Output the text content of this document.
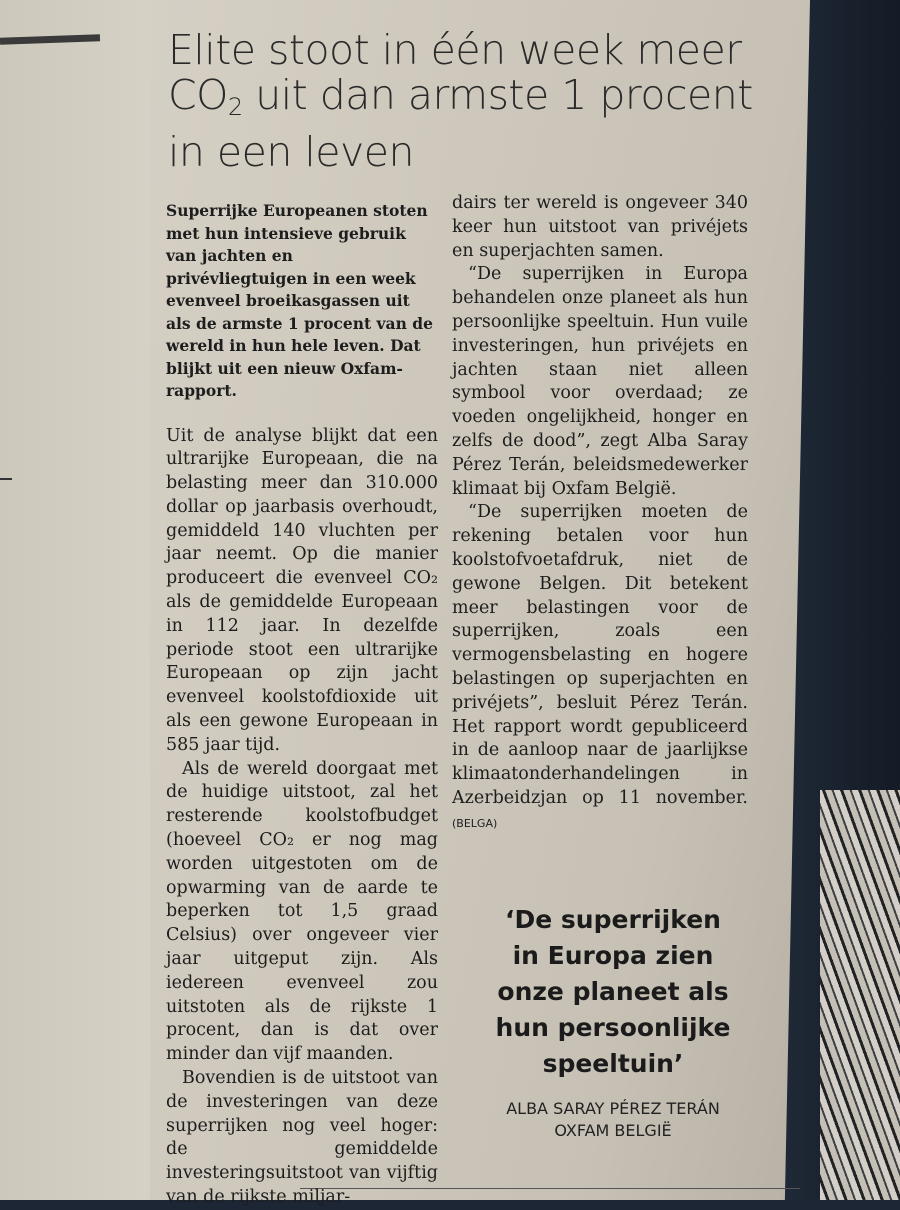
Elite stoot in één week meer $CO_2$ uit dan armste 1 procent in een leven

Superrijke Europeanen stoten met hun intensieve gebruik van jachten en privévliegtuigen in een week evenveel broeikasgassen uit als de armste 1 procent van de wereld in hun hele leven. Dat blijkt uit een nieuw Oxfam-rapport.

Uit de analyse blijkt dat een ultrarijke Europeaan, die na belasting meer dan 310.000 dollar op jaarbasis overhoudt, gemiddeld 140 vluchten per jaar neemt. Op die manier produceert die evenveel CO₂ als de gemiddelde Europeaan in 112 jaar. In dezelfde periode stoot een ultrarijke Europeaan op zijn jacht evenveel koolstofdioxide uit als een gewone Europeaan in 585 jaar tijd.

Als de wereld doorgaat met de huidige uitstoot, zal het resterende koolstofbudget (hoeveel CO₂ er nog mag worden uitgestoten om de opwarming van de aarde te beperken tot 1,5 graad Celsius) over ongeveer vier jaar uitgeput zijn. Als iedereen evenveel zou uitstoten als de rijkste 1 procent, dan is dat over minder dan vijf maanden.

Bovendien is de uitstoot van de investeringen van deze superrijken nog veel hoger: de gemiddelde investeringsuitstoot van vijftig van de rijkste miljar-

dairs ter wereld is ongeveer 340 keer hun uitstoot van privéjets en superjachten samen.

“De superrijken in Europa behandelen onze planeet als hun persoonlijke speeltuin. Hun vuile investeringen, hun privéjets en jachten staan niet alleen symbool voor overdaad; ze voeden ongelijkheid, honger en zelfs de dood”, zegt Alba Saray Pérez Terán, beleidsmedewerker klimaat bij Oxfam België.

“De superrijken moeten de rekening betalen voor hun koolstofvoetafdruk, niet de gewone Belgen. Dit betekent meer belastingen voor de superrijken, zoals een vermogensbelasting en hogere belastingen op superjachten en privéjets”, besluit Pérez Terán. Het rapport wordt gepubliceerd in de aanloop naar de jaarlijkse klimaatonderhandelingen in Azerbeidzjan op 11 november. (BELGA)

‘De superrijken in Europa zien onze planeet als hun persoonlijke speeltuin’
ALBA SARAY PÉREZ TERÁN
OXFAM BELGIË
